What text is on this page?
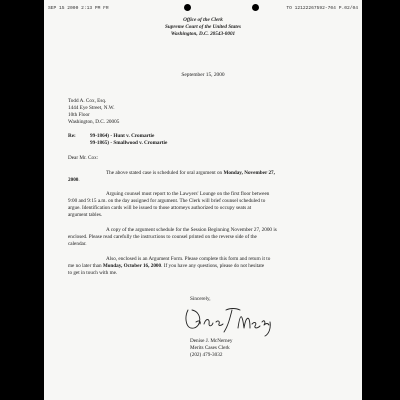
SEP 15 2000 2:13 PM FR	TO 12122267592-704 P.02/04
Office of the Clerk
Supreme Court of the United States
Washington, D.C. 20543-0001
September 15, 2000
Todd A. Cox, Esq.
1444 Eye Street, N.W.
10th Floor
Washington, D.C. 20005
Re:	99-1864) - Hunt v. Cromartie
99-1865) - Smallwood v. Cromartie
Dear Mr. Cox:
The above stated case is scheduled for oral argument on Monday, November 27,
2000.
Arguing counsel must report to the Lawyers' Lounge on the first floor between
9:00 and 9:15 a.m. on the day assigned for argument. The Clerk will brief counsel scheduled to
argue. Identification cards will be issued to those attorneys authorized to occupy seats at
argument tables.
A copy of the argument schedule for the Session Beginning November 27, 2000 is
enclosed. Please read carefully the instructions to counsel printed on the reverse side of the
calendar.
Also, enclosed is an Argument Form. Please complete this form and return it to
me no later than Monday, October 16, 2000. If you have any questions, please do not hesitate
to get in touch with me.
Sincerely,
Denise J. McNerney
Merits Cases Clerk
(202) 479-3032
